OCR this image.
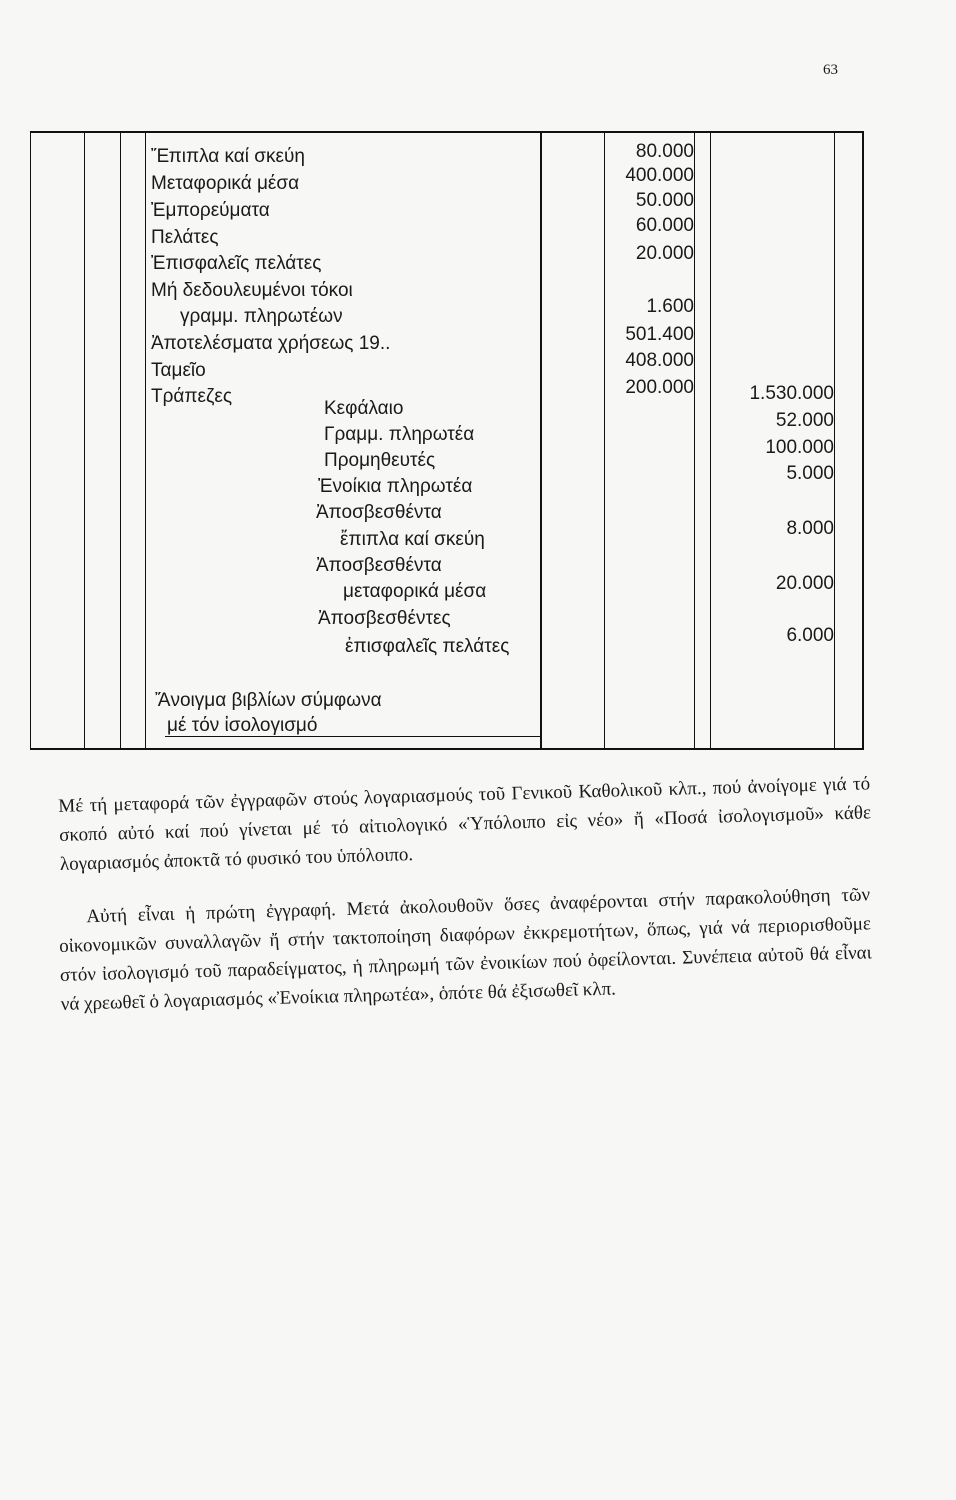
63
Ἔπιπλα καί σκεύη
Μεταφορικά μέσα
Ἐμπορεύματα
Πελάτες
Ἐπισφαλεῖς πελάτες
Μή δεδουλευμένοι τόκοι
γραμμ. πληρωτέων
Ἀποτελέσματα χρήσεως 19..
Ταμεῖο
Τράπεζες
80.000
400.000
50.000
60.000
20.000
1.600
501.400
408.000
200.000
Κεφάλαιο
Γραμμ. πληρωτέα
Προμηθευτές
Ἐνοίκια πληρωτέα
Ἀποσβεσθέντα
ἔπιπλα καί σκεύη
Ἀποσβεσθέντα
μεταφορικά μέσα
Ἀποσβεσθέντες
ἐπισφαλεῖς πελάτες
1.530.000
52.000
100.000
5.000
8.000
20.000
6.000
Ἄνοιγμα βιβλίων σύμφωνα
μέ τόν ἰσολογισμό

Μέ τή μεταφορά τῶν ἐγγραφῶν στούς λογαριασμούς τοῦ Γενικοῦ Καθολικοῦ κλπ., πού ἀνοίγομε γιά τό σκοπό αὐτό καί πού γίνεται μέ τό αἰτιολογικό «Ὑπόλοιπο εἰς νέο» ἤ «Ποσά ἰσολογισμοῦ» κάθε λογαριασμός ἀποκτᾶ τό φυσικό του ὑπόλοιπο.

Αὐτή εἶναι ἡ πρώτη ἐγγραφή. Μετά ἀκολουθοῦν ὅσες ἀναφέρονται στήν παρακολούθηση τῶν οἰκονομικῶν συναλλαγῶν ἤ στήν τακτοποίηση διαφόρων ἐκκρεμοτήτων, ὅπως, γιά νά περιορισθοῦμε στόν ἰσολογισμό τοῦ παραδείγματος, ἡ πληρωμή τῶν ἐνοικίων πού ὀφείλονται. Συνέπεια αὐτοῦ θά εἶναι νά χρεωθεῖ ὁ λογαριασμός «Ἐνοίκια πληρωτέα», ὁπότε θά ἐξισωθεῖ κλπ.
